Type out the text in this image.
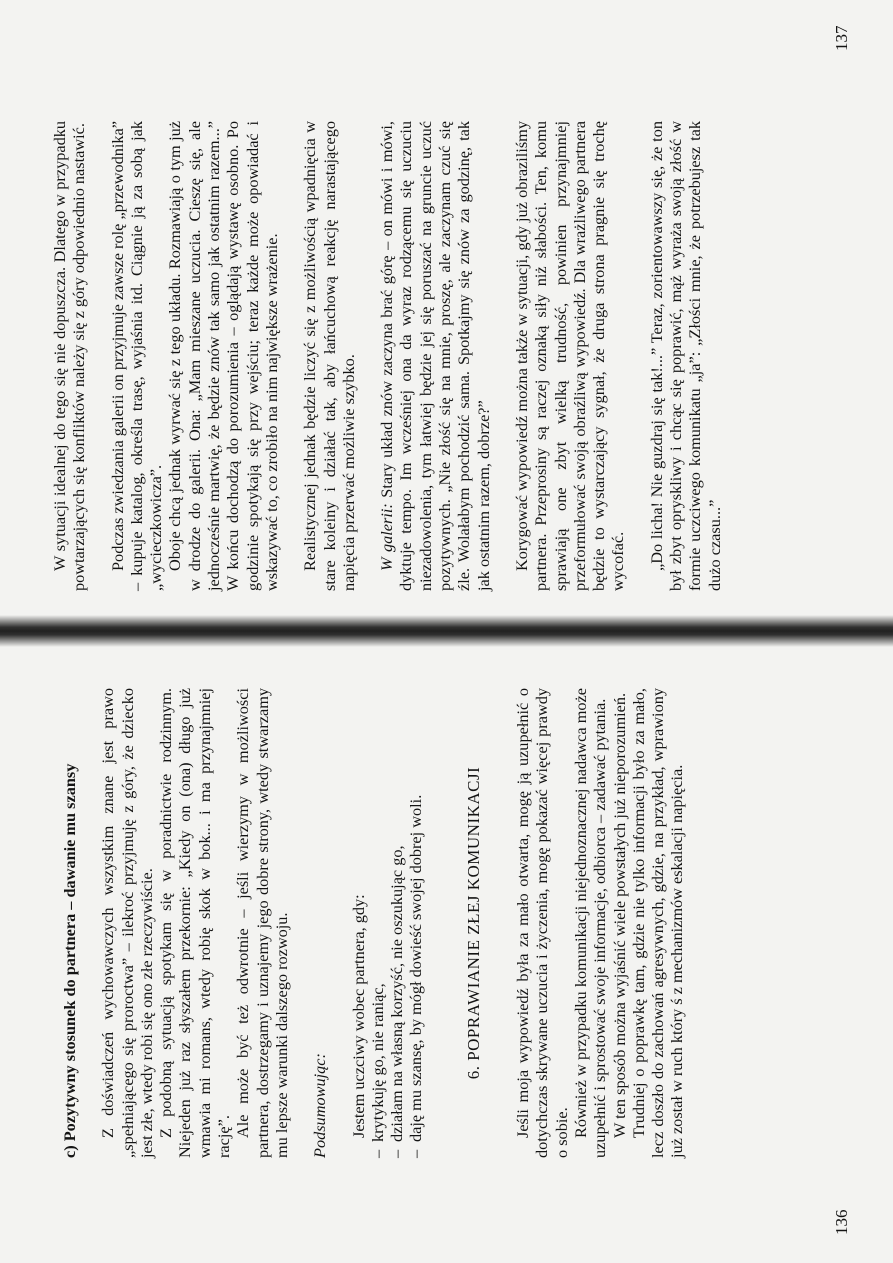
c) Pozytywny stosunek do partnera – dawanie mu szansy Z doświadczeń wychowawczych wszystkim znane jest prawo „spełniającego się proroctwa” – ilekroć przyjmuję z góry, że dziecko jest złe, wtedy robi się ono złe rzeczywiście. Z podobną sytuacją spotykam się w poradnictwie rodzinnym. Niejeden już raz słyszałem przekornie: „Kiedy on (ona) długo już wmawia mi romans, wtedy robię skok w bok... i ma przynajmniej rację”. Ale może być też odwrotnie – jeśli wierzymy w możliwości partnera, dostrzegamy i uznajemy jego dobre strony, wtedy stwarzamy mu lepsze warunki dalszego rozwoju. Podsumowując: Jestem uczciwy wobec partnera, gdy: – krytykuję go, nie raniąc, – działam na własną korzyść, nie oszukując go, – daję mu szansę, by mógł dowieść swojej dobrej woli. 6. POPRAWIANIE ZŁEJ KOMUNIKACJI Jeśli moja wypowiedź była za mało otwarta, mogę ją uzupełnić o dotychczas skrywane uczucia i życzenia, mogę pokazać więcej prawdy o sobie. Również w przypadku komunikacji niejednoznacznej nadawca może uzupełnić i sprostować swoje informacje, odbiorca – zadawać pytania. W ten sposób można wyjaśnić wiele powstałych już nieporozumień. Trudniej o poprawkę tam, gdzie nie tylko informacji było za mało, lecz doszło do zachowań agresywnych, gdzie, na przykład, wprawiony już został w ruch który ś z mechanizmów eskalacji napięcia.

136

W sytuacji idealnej do tego się nie dopuszcza. Dlatego w przypadku powtarzających się konfliktów należy się z góry odpowiednio nastawić. Podczas zwiedzania galerii on przyjmuje zawsze rolę „przewodnika” – kupuje katalog, określa trasę, wyjaśnia itd. Ciągnie ją za sobą jak „wycieczkowicza”. Oboje chcą jednak wyrwać się z tego układu. Rozmawiają o tym już w drodze do galerii. Ona: „Mam mieszane uczucia. Cieszę się, ale jednocześnie martwię, że będzie znów tak samo jak ostatnim razem...” W końcu dochodzą do porozumienia – oglądają wystawę osobno. Po godzinie spotykają się przy wejściu; teraz każde może opowiadać i wskazywać to, co zrobiło na nim największe wrażenie. Realistycznej jednak będzie liczyć się z możliwością wpadnięcia w stare koleiny i działać tak, aby łańcuchową reakcję narastającego napięcia przerwać możliwie szybko. W galerii: Stary układ znów zaczyna brać górę – on mówi i mówi, dyktuje tempo. Im wcześniej ona da wyraz rodzącemu się uczuciu niezadowolenia, tym łatwiej będzie jej się poruszać na gruncie uczuć pozytywnych. „Nie złość się na mnie, proszę, ale zaczynam czuć się źle. Wolałabym pochodzić sama. Spotkajmy się znów za godzinę, tak jak ostatnim razem, dobrze?” Korygować wypowiedź można także w sytuacji, gdy już obraziliśmy partnera. Przeprosiny są raczej oznaką siły niż słabości. Ten, komu sprawiają one zbyt wielką trudność, powinien przynajmniej przeformułować swoją obraźliwą wypowiedź. Dla wrażliwego partnera będzie to wystarczający sygnał, że druga strona pragnie się trochę wycofać. „Do licha! Nie guzdraj się tak!...” Teraz, zorientowawszy się, że ton był zbyt opryskliwy i chcąc się poprawić, mąż wyraża swoją złość w formie uczciwego komunikatu „ja”: „Złości mnie, że potrzebujesz tak dużo czasu...”

137
